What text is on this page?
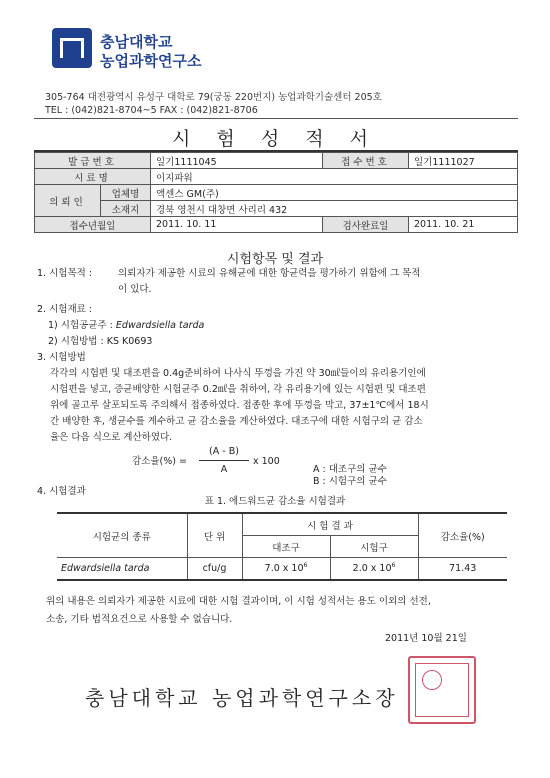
충남대학교
농업과학연구소
305-764 대전광역시 유성구 대학로 79(궁동 220번지) 농업과학기술센터 205호
TEL : (042)821-8704~5 FAX : (042)821-8706
시 험 성 적 서
발급번호		일기1111045	접수번호	일기1111027
시료명		이지파워		
의뢰인	업체명	액센스 GM(주)		
	소재지	경북 영천시 대창면 사리리 432		
접수년월일		2011. 10. 11	검사완료일	2011. 10. 21
시험항목 및 결과
1. 시험목적 :	의뢰자가 제공한 시료의 유해균에 대한 항균력을 평가하기 위함에 그 목적
이 있다.
2. 시험재료 :
1) 시험공균주 : Edwardsiella tarda
2) 시험방법 : KS K0693
3. 시험방법
각각의 시험편 및 대조편을 0.4g준비하여 나사식 뚜껑을 가진 약 30㎖들이의 유리용기인에
시험편을 넣고, 증균배양한 시험균주 0.2㎖을 취하여, 각 유리용기에 있는 시험편 및 대조편
위에 골고루 살포되도록 주의해서 접종하였다. 접종한 후에 뚜껑을 막고, 37±1℃에서 18시
간 배양한 후, 생균수를 계수하고 균 감소율을 계산하였다. 대조구에 대한 시험구의 균 감소
율은 다음 식으로 계산하였다.
감소율(%) =
(A - B)
A
x 100
A : 대조구의 균수
B : 시험구의 균수
4. 시험결과
표 1. 에드워드균 감소율 시험결과
시험균의 종류	단 위	시 험 결 과		감소율(%)
		대조구	시험구	
Edwardsiella tarda	cfu/g	7.0 x $10^6$	2.0 x $10^6$	71.43
위의 내용은 의뢰자가 제공한 시료에 대한 시험 결과이며, 이 시험 성적서는 용도 이외의 선전,
소송, 기타 법적요건으로 사용할 수 없습니다.
2011년 10월 21일
충남대학교 농업과학연구소장
